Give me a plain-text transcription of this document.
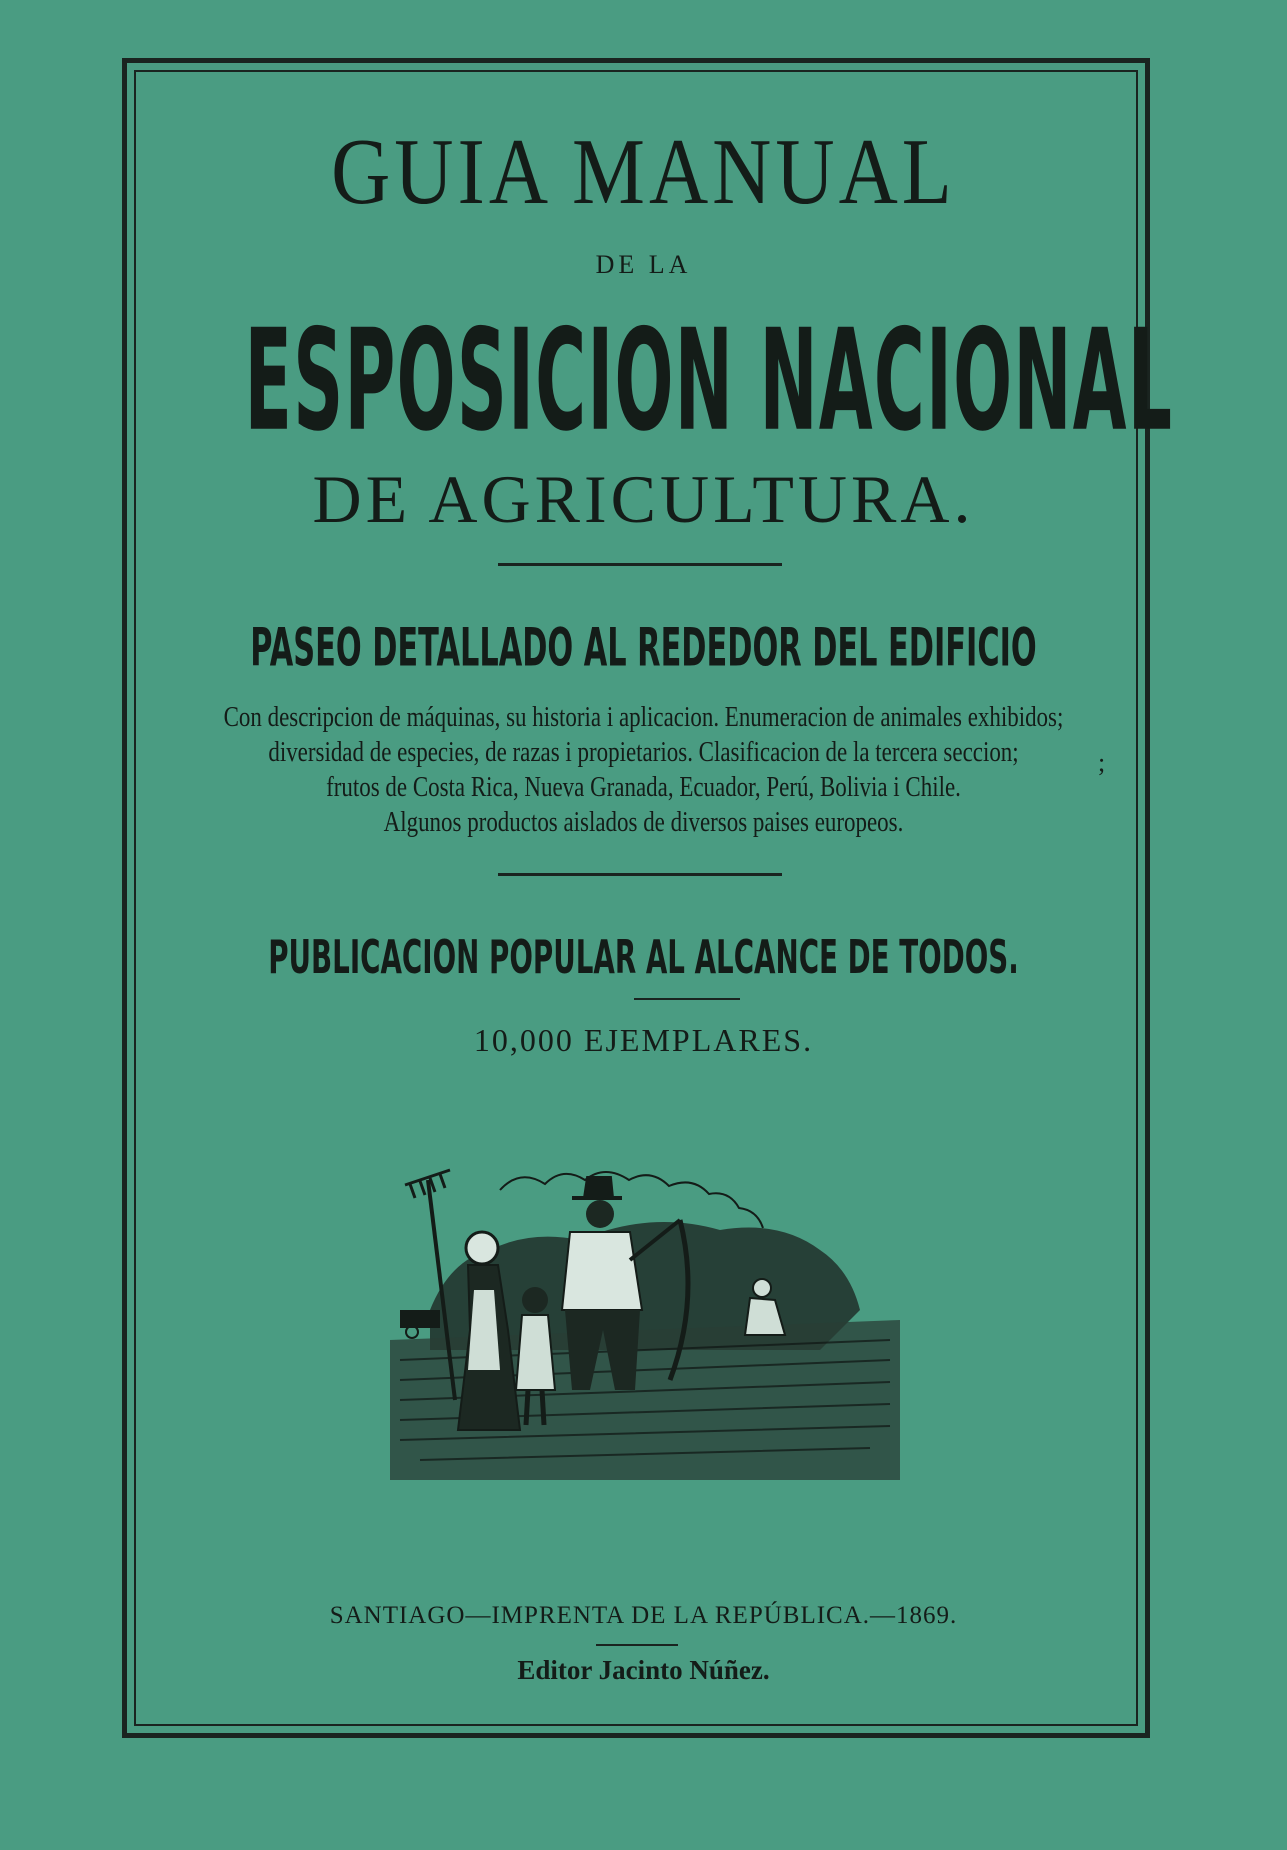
GUIA MANUAL
DE LA
ESPOSICION NACIONAL
DE AGRICULTURA.
PASEO DETALLADO AL REDEDOR DEL EDIFICIO
Con descripcion de máquinas, su historia i aplicacion. Enumeracion de animales exhibidos;
diversidad de especies, de razas i propietarios. Clasificacion de la tercera seccion;
frutos de Costa Rica, Nueva Granada, Ecuador, Perú, Bolivia i Chile.
Algunos productos aislados de diversos paises europeos.
;
PUBLICACION POPULAR AL ALCANCE DE TODOS.
10,000 EJEMPLARES.
SANTIAGO—IMPRENTA DE LA REPÚBLICA.—1869.
Editor Jacinto Núñez.
